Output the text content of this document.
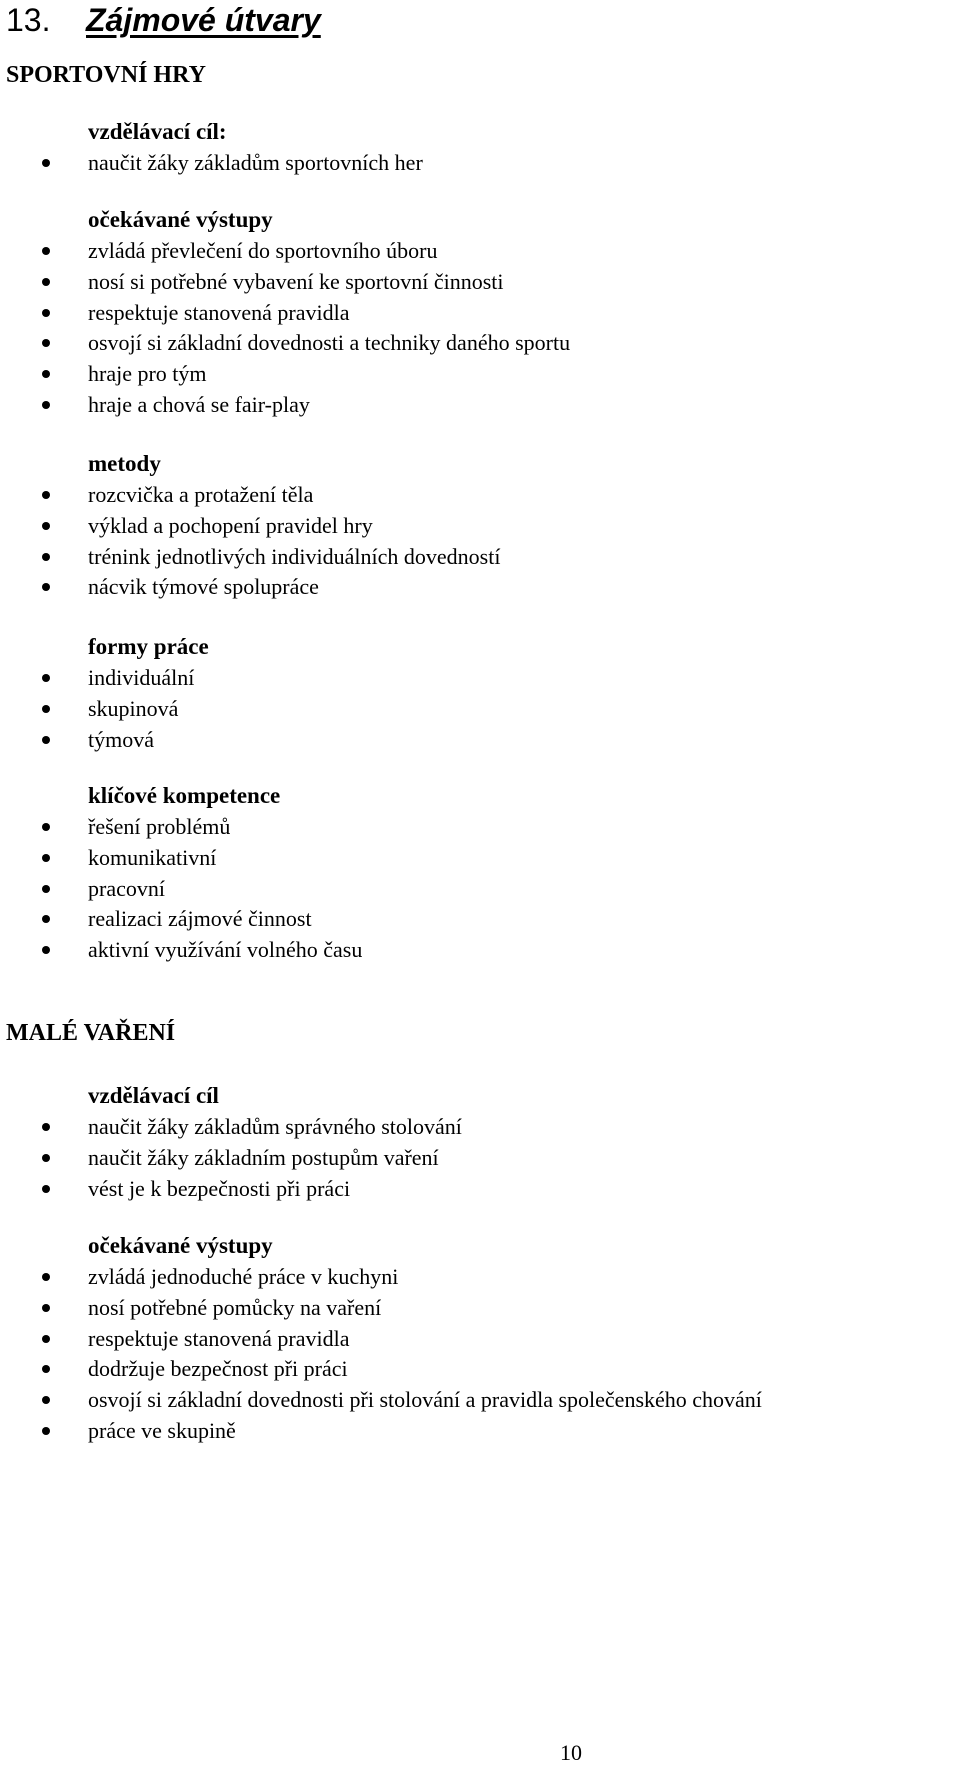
13. Zájmové útvary
SPORTOVNÍ HRY
vzdělávací cíl:
naučit žáky základům sportovních her
očekávané výstupy
zvládá převlečení do sportovního úboru
nosí si potřebné vybavení ke sportovní činnosti
respektuje stanovená pravidla
osvojí si základní dovednosti a techniky daného sportu
hraje pro tým
hraje a chová se fair-play
metody
rozcvička a protažení těla
výklad a pochopení pravidel hry
trénink jednotlivých individuálních dovedností
nácvik týmové spolupráce
formy práce
individuální
skupinová
týmová
klíčové kompetence
řešení problémů
komunikativní
pracovní
realizaci zájmové činnost
aktivní využívání volného času
MALÉ VAŘENÍ
vzdělávací cíl
naučit žáky základům správného stolování
naučit žáky základním postupům vaření
vést je k bezpečnosti při práci
očekávané výstupy
zvládá jednoduché práce v kuchyni
nosí potřebné pomůcky na vaření
respektuje stanovená pravidla
dodržuje bezpečnost při práci
osvojí si základní dovednosti při stolování a pravidla společenského chování
práce ve skupině
10
